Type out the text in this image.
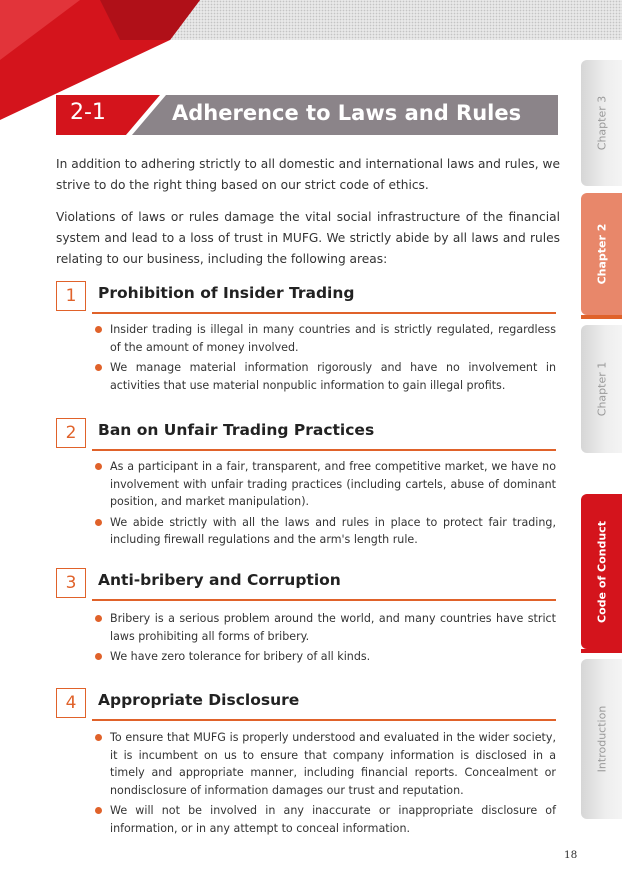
2-1	Adherence to Laws and Rules

In addition to adhering strictly to all domestic and international laws and rules, we strive to do the right thing based on our strict code of ethics.

Violations of laws or rules damage the vital social infrastructure of the financial system and lead to a loss of trust in MUFG. We strictly abide by all laws and rules relating to our business, including the following areas:

1	Prohibition of Insider Trading
Insider trading is illegal in many countries and is strictly regulated, regardless of the amount of money involved.
We manage material information rigorously and have no involvement in activities that use material nonpublic information to gain illegal profits.
2	Ban on Unfair Trading Practices
As a participant in a fair, transparent, and free competitive market, we have no involvement with unfair trading practices (including cartels, abuse of dominant position, and market manipulation).
We abide strictly with all the laws and rules in place to protect fair trading, including firewall regulations and the arm's length rule.
3	Anti-bribery and Corruption
Bribery is a serious problem around the world, and many countries have strict laws prohibiting all forms of bribery.
We have zero tolerance for bribery of all kinds.
4	Appropriate Disclosure
To ensure that MUFG is properly understood and evaluated in the wider society, it is incumbent on us to ensure that company information is disclosed in a timely and appropriate manner, including financial reports. Concealment or nondisclosure of information damages our trust and reputation.
We will not be involved in any inaccurate or inappropriate disclosure of information, or in any attempt to conceal information.
Chapter 3
Chapter 2
Chapter 1
Code of Conduct
Introduction
18
